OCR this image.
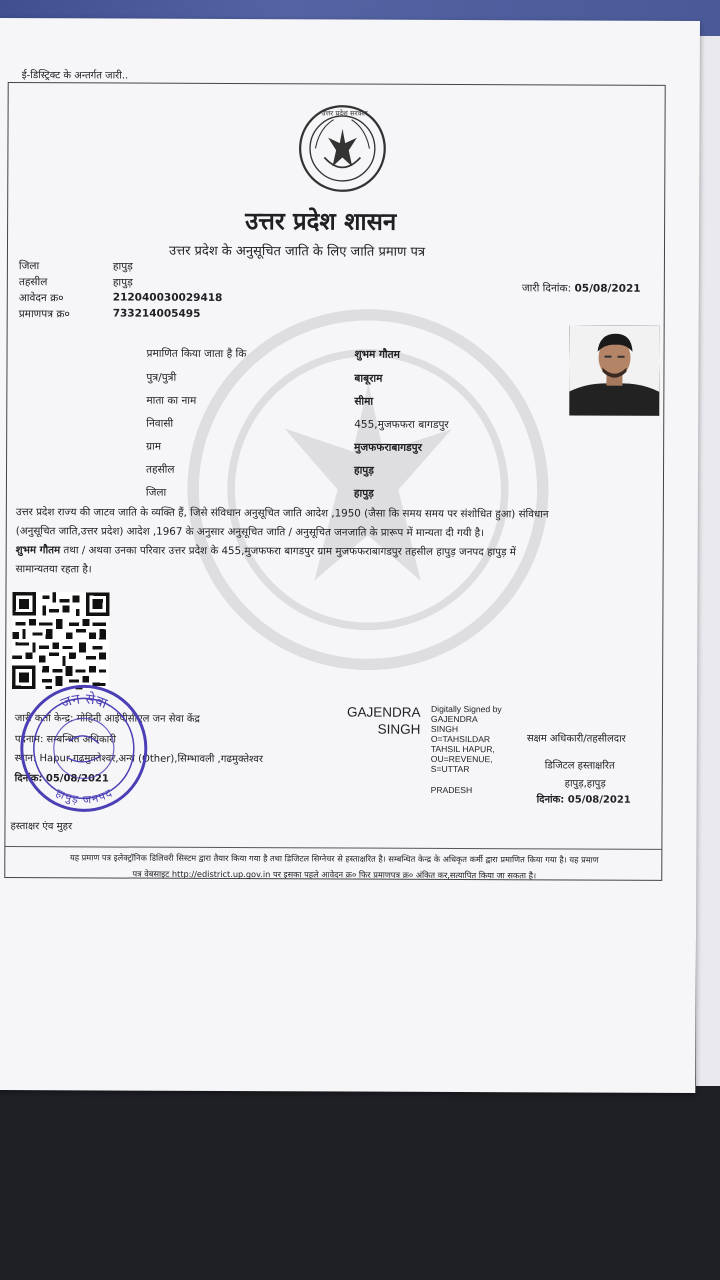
ई-डिस्ट्रिक्ट के अन्तर्गत जारी..
उत्तर प्रदेश सरकार
उत्तर प्रदेश शासन
उत्तर प्रदेश के अनुसूचित जाति के लिए जाति प्रमाण पत्र
जिला	हापुड़
तहसील	हापुड़
आवेदन क्र०	212040030029418
प्रमाणपत्र क्र०	733214005495
जारी दिनांक: 05/08/2021
प्रमाणित किया जाता है कि	शुभम गौतम
पुत्र/पुत्री	बाबूराम
माता का नाम	सीमा
निवासी	455,मुजफफरा बागडपुर
ग्राम	मुजफफराबागडपुर
तहसील	हापुड़
जिला	हापुड़
उत्तर प्रदेश राज्य की जाटव जाति के व्यक्ति हैं, जिसे संविधान अनुसूचित जाति आदेश ,1950 (जैसा कि समय समय पर संशोधित हुआ) संविधान
(अनुसूचित जाति,उत्तर प्रदेश) आदेश ,1967 के अनुसार अनुसूचित जाति / अनुसूचित जनजाति के प्रारूप में मान्यता दी गयी है।
शुभम गौतम तथा / अथवा उनका परिवार उत्तर प्रदेश के 455,मुजफफरा बागडपुर ग्राम मुजफफराबागडपुर तहसील हापुड़ जनपद हापुड़ में
सामान्यतया रहता है।
जारी कर्ता केन्द्र: मोहिनी आईपीसीएल जन सेवा केंद्र
पदनाम: सम्बन्धित अधिकारी
स्थान: Hapur,गढमुक्तेश्वर,अन्य (Other),सिम्भावली ,गढमुक्तेश्वर
दिनांक: 05/08/2021
हस्ताक्षर एंव मुहर
जन सेवा
हापुड़ जनपद
GAJENDRA
SINGH
Digitally Signed by
GAJENDRA
SINGH
O=TAHSILDAR
TAHSIL HAPUR,
OU=REVENUE,
S=UTTAR
PRADESH
सक्षम अधिकारी/तहसीलदार
डिजिटल हस्ताक्षरित
हापुड़,हापुड़
दिनांक: 05/08/2021
यह प्रमाण पत्र इलेक्ट्रॉनिक डिलिवरी सिस्टम द्वारा तैयार किया गया है तथा डिजिटल सिग्नेचर से हस्ताक्षरित है। सम्बन्धित केन्द्र के अधिकृत कर्मी द्वारा प्रमाणित किया गया है। यह प्रमाण
पत्र वेबसाइट http://edistrict.up.gov.in पर इसका पहले आवेदन क्र० फिर प्रमाणपत्र क्र० अंकित कर,सत्यापित किया जा सकता है।
